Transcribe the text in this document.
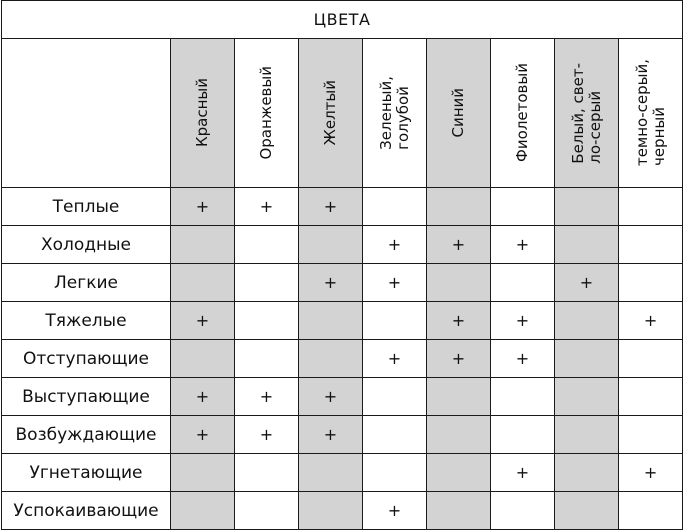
ЦВЕТА								

	Красный	Оранжевый	Желтый	Зеленый, голубой	Синий	Фиолетовый	Белый, свет- ло-серый	темно-серый, черный

Теплые	+	+	+					
Холодные				+	+	+		
Легкие			+	+			+	
Тяжелые	+				+	+		+
Отступающие				+	+	+		
Выступающие	+	+	+					
Возбуждающие	+	+	+					
Угнетающие						+		+
Успокаивающие				+				
